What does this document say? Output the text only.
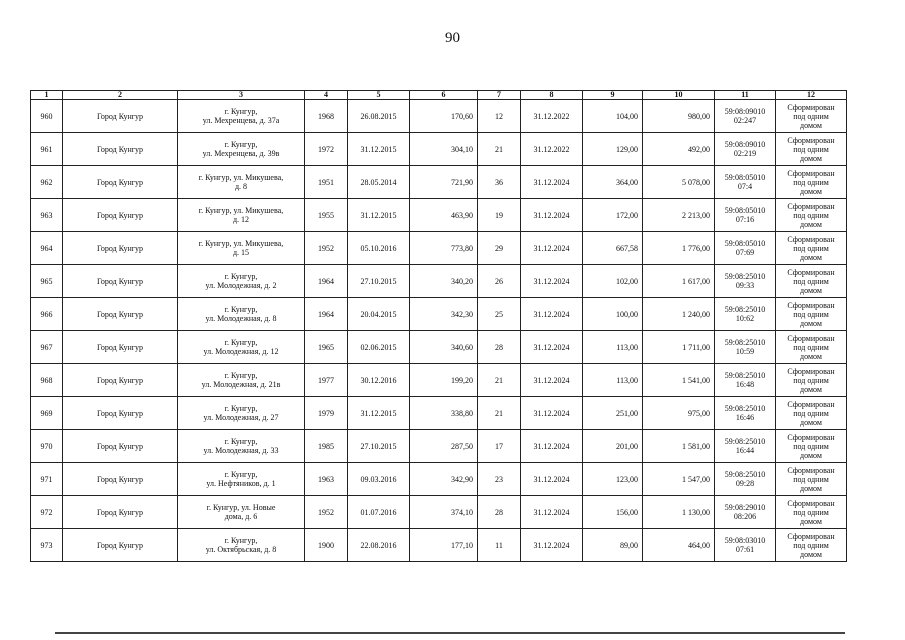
90
1	2	3	4	5	6	7	8	9	10	11	12
960	Город Кунгур	г. Кунгур,
ул. Мехренцева, д. 37а	1968	26.08.2015	170,60	12	31.12.2022	104,00	980,00	59:08:09010
02:247	Сформирован
под одним
домом
961	Город Кунгур	г. Кунгур,
ул. Мехренцева, д. 39в	1972	31.12.2015	304,10	21	31.12.2022	129,00	492,00	59:08:09010
02:219	Сформирован
под одним
домом
962	Город Кунгур	г. Кунгур, ул. Микушева,
д. 8	1951	28.05.2014	721,90	36	31.12.2024	364,00	5 078,00	59:08:05010
07:4	Сформирован
под одним
домом
963	Город Кунгур	г. Кунгур, ул. Микушева,
д. 12	1955	31.12.2015	463,90	19	31.12.2024	172,00	2 213,00	59:08:05010
07:16	Сформирован
под одним
домом
964	Город Кунгур	г. Кунгур, ул. Микушева,
д. 15	1952	05.10.2016	773,80	29	31.12.2024	667,58	1 776,00	59:08:05010
07:69	Сформирован
под одним
домом
965	Город Кунгур	г. Кунгур,
ул. Молодежная, д. 2	1964	27.10.2015	340,20	26	31.12.2024	102,00	1 617,00	59:08:25010
09:33	Сформирован
под одним
домом
966	Город Кунгур	г. Кунгур,
ул. Молодежная, д. 8	1964	20.04.2015	342,30	25	31.12.2024	100,00	1 240,00	59:08:25010
10:62	Сформирован
под одним
домом
967	Город Кунгур	г. Кунгур,
ул. Молодежная, д. 12	1965	02.06.2015	340,60	28	31.12.2024	113,00	1 711,00	59:08:25010
10:59	Сформирован
под одним
домом
968	Город Кунгур	г. Кунгур,
ул. Молодежная, д. 21в	1977	30.12.2016	199,20	21	31.12.2024	113,00	1 541,00	59:08:25010
16:48	Сформирован
под одним
домом
969	Город Кунгур	г. Кунгур,
ул. Молодежная, д. 27	1979	31.12.2015	338,80	21	31.12.2024	251,00	975,00	59:08:25010
16:46	Сформирован
под одним
домом
970	Город Кунгур	г. Кунгур,
ул. Молодежная, д. 33	1985	27.10.2015	287,50	17	31.12.2024	201,00	1 581,00	59:08:25010
16:44	Сформирован
под одним
домом
971	Город Кунгур	г. Кунгур,
ул. Нефтяников, д. 1	1963	09.03.2016	342,90	23	31.12.2024	123,00	1 547,00	59:08:25010
09:28	Сформирован
под одним
домом
972	Город Кунгур	г. Кунгур, ул. Новые
дома, д. 6	1952	01.07.2016	374,10	28	31.12.2024	156,00	1 130,00	59:08:29010
08:206	Сформирован
под одним
домом
973	Город Кунгур	г. Кунгур,
ул. Октябрьская, д. 8	1900	22.08.2016	177,10	11	31.12.2024	89,00	464,00	59:08:03010
07:61	Сформирован
под одним
домом
